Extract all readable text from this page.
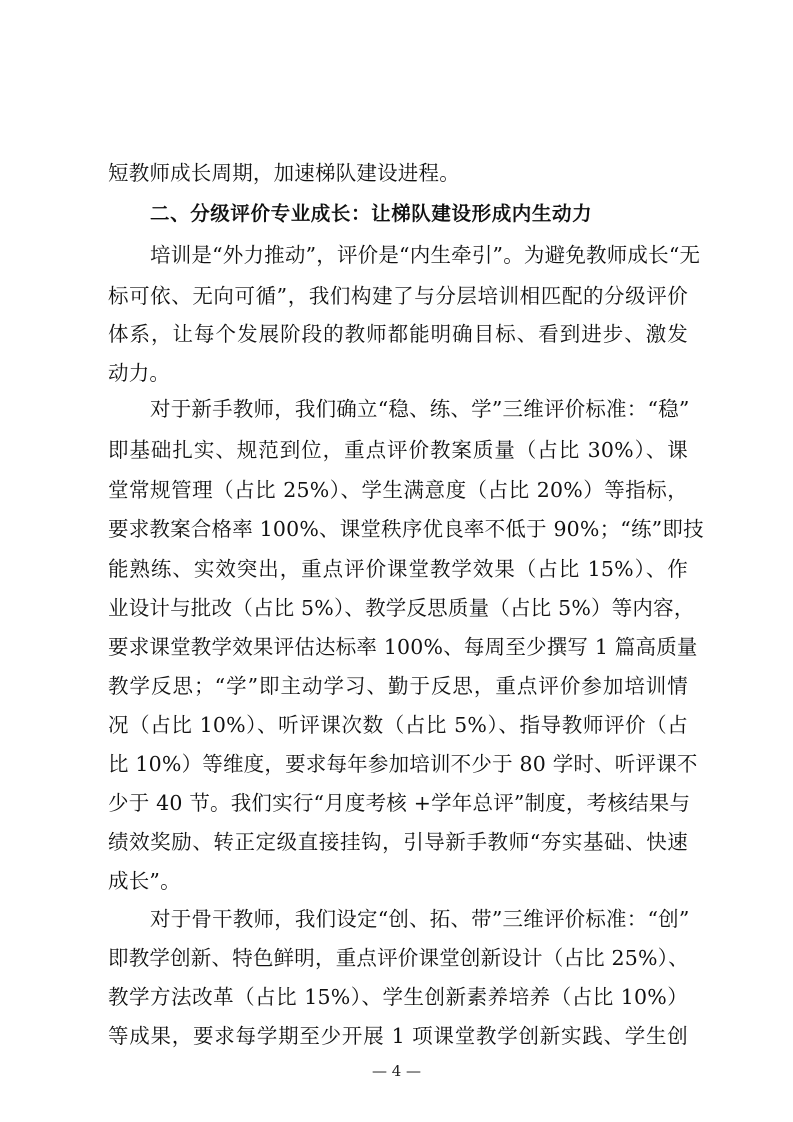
短教师成长周期，加速梯队建设进程。
二、分级评价专业成长：让梯队建设形成内生动力
培训是“外力推动”，评价是“内生牵引”。为避免教师成长“无
标可依、无向可循”，我们构建了与分层培训相匹配的分级评价
体系，让每个发展阶段的教师都能明确目标、看到进步、激发
动力。
对于新手教师，我们确立“稳、练、学”三维评价标准：“稳”
即基础扎实、规范到位，重点评价教案质量（占比 30%）、课
堂常规管理（占比 25%）、学生满意度（占比 20%）等指标，
要求教案合格率 100%、课堂秩序优良率不低于 90%；“练”即技
能熟练、实效突出，重点评价课堂教学效果（占比 15%）、作
业设计与批改（占比 5%）、教学反思质量（占比 5%）等内容，
要求课堂教学效果评估达标率 100%、每周至少撰写 1 篇高质量
教学反思；“学”即主动学习、勤于反思，重点评价参加培训情
况（占比 10%）、听评课次数（占比 5%）、指导教师评价（占
比 10%）等维度，要求每年参加培训不少于 80 学时、听评课不
少于 40 节。我们实行“月度考核 +学年总评”制度，考核结果与
绩效奖励、转正定级直接挂钩，引导新手教师“夯实基础、快速
成长”。
对于骨干教师，我们设定“创、拓、带”三维评价标准：“创”
即教学创新、特色鲜明，重点评价课堂创新设计（占比 25%）、
教学方法改革（占比 15%）、学生创新素养培养（占比 10%）
等成果，要求每学期至少开展 1 项课堂教学创新实践、学生创
— 4 —
